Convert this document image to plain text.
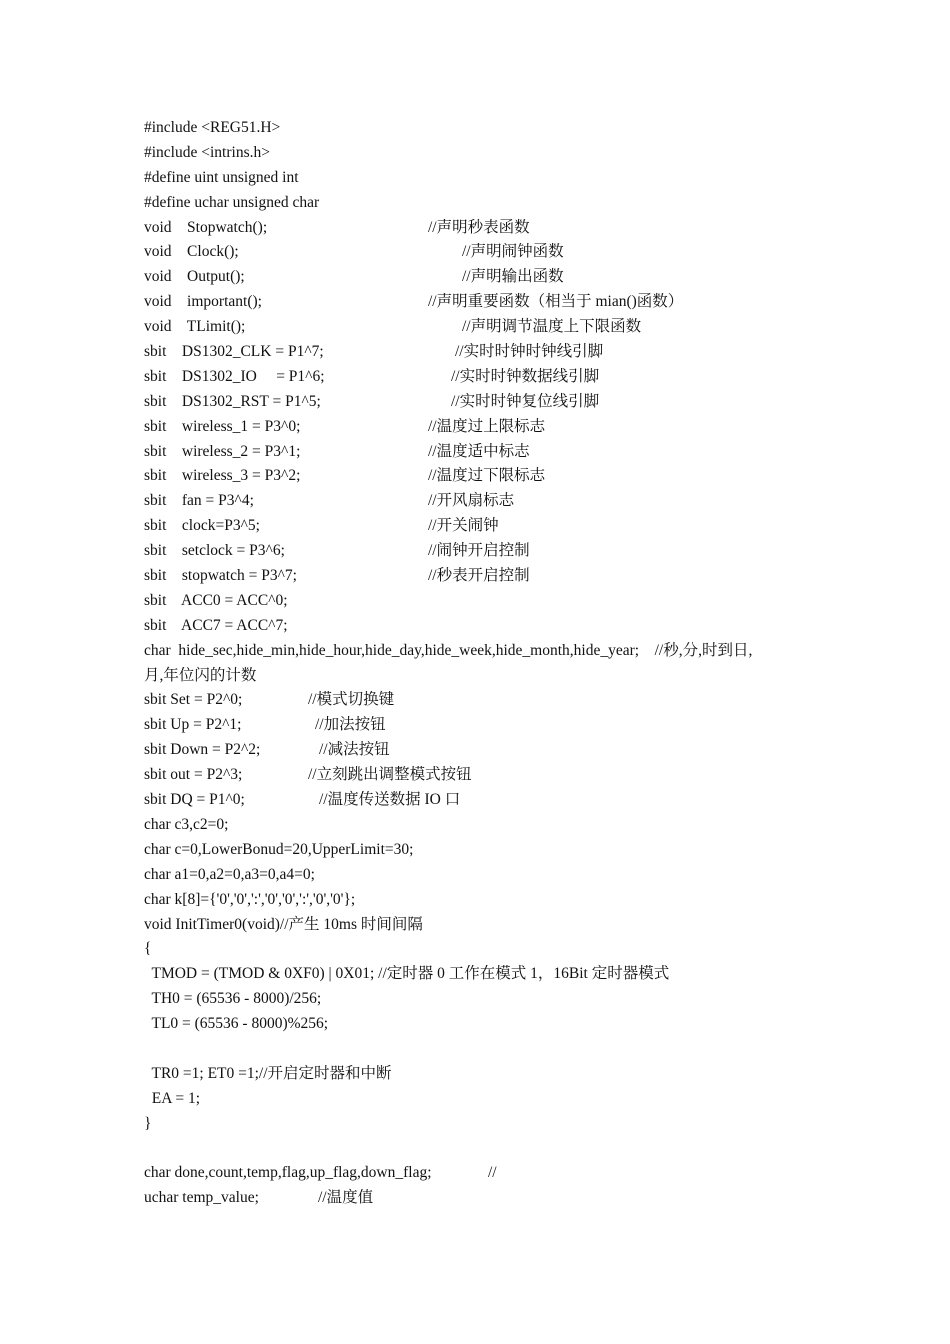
#include <REG51.H>
#include <intrins.h>
#define uint unsigned int
#define uchar unsigned char
void    Stopwatch();	//声明秒表函数
void    Clock();	//声明闹钟函数
void    Output();	//声明输出函数
void    important();	//声明重要函数（相当于 mian()函数）
void    TLimit();	//声明调节温度上下限函数
sbit    DS1302_CLK = P1^7;	//实时时钟时钟线引脚
sbit    DS1302_IO     = P1^6;	//实时时钟数据线引脚
sbit    DS1302_RST = P1^5;	//实时时钟复位线引脚
sbit    wireless_1 = P3^0;	//温度过上限标志
sbit    wireless_2 = P3^1;	//温度适中标志
sbit    wireless_3 = P3^2;	//温度过下限标志
sbit    fan = P3^4;	//开风扇标志
sbit    clock=P3^5;	//开关闹钟
sbit    setclock = P3^6;	//闹钟开启控制
sbit    stopwatch = P3^7;	//秒表开启控制
sbit    ACC0 = ACC^0;
sbit    ACC7 = ACC^7;
char  hide_sec,hide_min,hide_hour,hide_day,hide_week,hide_month,hide_year;    //秒,分,时到日,
月,年位闪的计数
sbit Set = P2^0;	//模式切换键
sbit Up = P2^1;	//加法按钮
sbit Down = P2^2;	//减法按钮
sbit out = P2^3;	//立刻跳出调整模式按钮
sbit DQ = P1^0;	//温度传送数据 IO 口
char c3,c2=0;
char c=0,LowerBonud=20,UpperLimit=30;
char a1=0,a2=0,a3=0,a4=0;
char k[8]={'0','0',':','0','0',':','0','0'};
void InitTimer0(void)//产生 10ms 时间间隔
{
TMOD = (TMOD & 0XF0) | 0X01; //定时器 0 工作在模式 1，16Bit 定时器模式
TH0 = (65536 - 8000)/256;
TL0 = (65536 - 8000)%256;
TR0 =1; ET0 =1;//开启定时器和中断
EA = 1;
}
char done,count,temp,flag,up_flag,down_flag;	//
uchar temp_value;	//温度值
